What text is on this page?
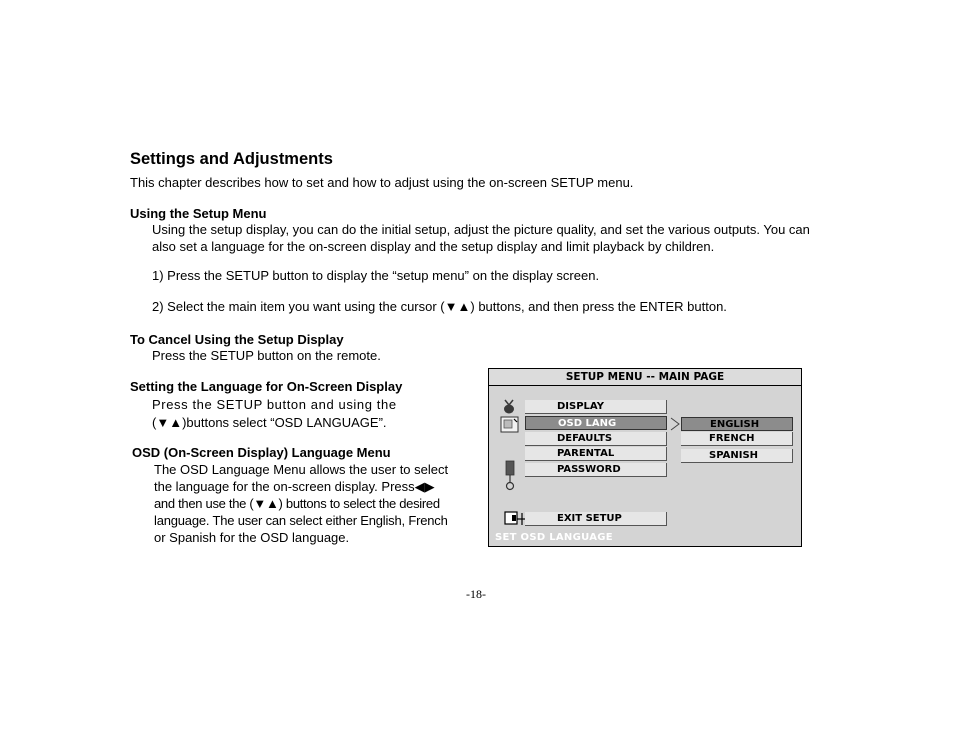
Settings and Adjustments
This chapter describes how to set and how to adjust using the on-screen SETUP menu.
Using the Setup Menu
Using the setup display, you can do the initial setup, adjust the picture quality, and set the various outputs. You can
also set a language for the on-screen display and the setup display and limit playback by children.
1) Press the SETUP button to display the “setup menu” on the display screen.
2) Select the main item you want using the cursor (▼▲) buttons, and then press the ENTER button.
To Cancel Using the Setup Display
Press the SETUP button on the remote.
Setting the Language for On-Screen Display
Press the SETUP button and using the
(▼▲)buttons select “OSD LANGUAGE”.
OSD (On-Screen Display) Language Menu
The OSD Language Menu allows the user to select
the language for the on-screen display. Press◀▶
and then use the (▼▲) buttons to select the desired
language. The user can select either English, French
or Spanish for the OSD language.
SETUP MENU -- MAIN PAGE
DISPLAY
OSD LANG
DEFAULTS
PARENTAL
PASSWORD
EXIT SETUP
ENGLISH
FRENCH
SPANISH
SET OSD LANGUAGE
-18-
